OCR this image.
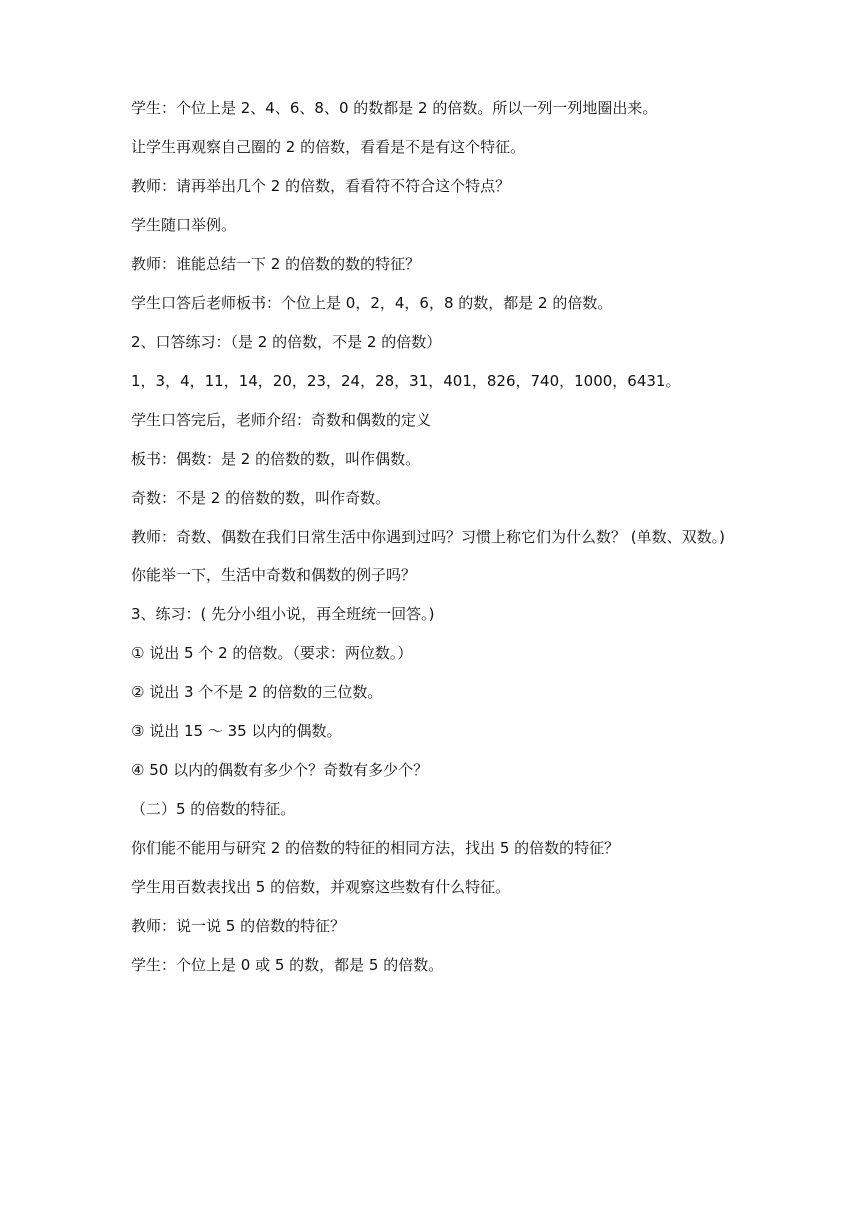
学生：个位上是 2、4、6、8、0 的数都是 2 的倍数。所以一列一列地圈出来。

让学生再观察自己圈的 2 的倍数，看看是不是有这个特征。

教师：请再举出几个 2 的倍数，看看符不符合这个特点？

学生随口举例。

教师：谁能总结一下 2 的倍数的数的特征？

学生口答后老师板书：个位上是 0，2，4，6，8 的数，都是 2 的倍数。

2、口答练习：（是 2 的倍数，不是 2 的倍数）

1，3，4，11，14，20，23，24，28，31，401，826，740，1000，6431。

学生口答完后，老师介绍：奇数和偶数的定义

板书：偶数：是 2 的倍数的数，叫作偶数。

奇数：不是 2 的倍数的数，叫作奇数。

教师：奇数、偶数在我们日常生活中你遇到过吗？习惯上称它们为什么数？ (单数、双数。)

你能举一下，生活中奇数和偶数的例子吗？

3、练习：( 先分小组小说，再全班统一回答。)

① 说出 5 个 2 的倍数。（要求：两位数。）

② 说出 3 个不是 2 的倍数的三位数。

③ 说出 15 ～ 35 以内的偶数。

④ 50 以内的偶数有多少个？奇数有多少个？

（二）5 的倍数的特征。

你们能不能用与研究 2 的倍数的特征的相同方法，找出 5 的倍数的特征？

学生用百数表找出 5 的倍数，并观察这些数有什么特征。

教师：说一说 5 的倍数的特征？

学生：个位上是 0 或 5 的数，都是 5 的倍数。
